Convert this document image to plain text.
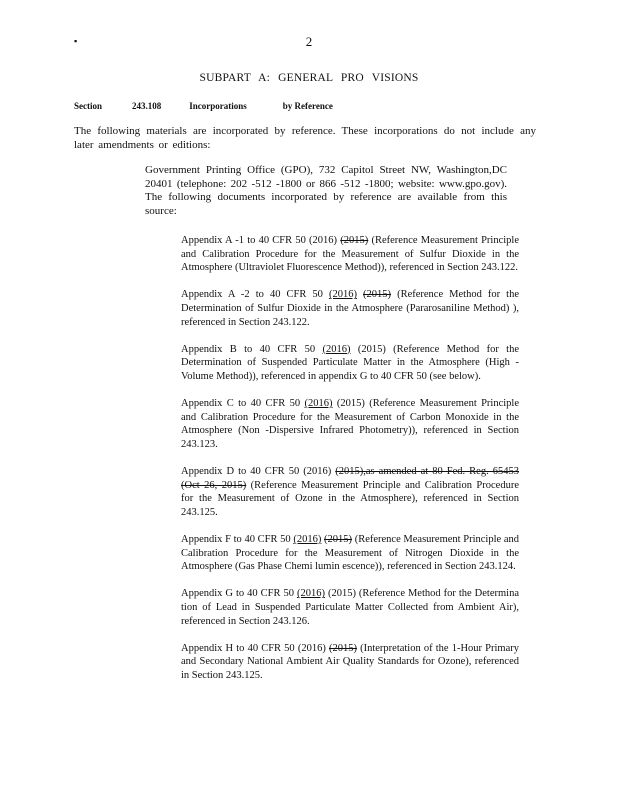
▪	2
SUBPART A: GENERAL PRO VISIONS
Section	243.108	Incorporations	by Reference
The following materials are incorporated by reference. These incorporations do not include any later amendments or editions:
Government Printing Office (GPO), 732 Capitol Street NW, Washington,DC 20401 (telephone: 202 -512 -1800 or 866 -512 -1800; website: www.gpo.gov). The following documents incorporated by reference are available from this source:

Appendix A -1 to 40 CFR 50 (2016) (2015) (Reference Measurement Principle and Calibration Procedure for the Measurement of Sulfur Dioxide in the Atmosphere (Ultraviolet Fluorescence Method)), referenced in Section 243.122.

Appendix A -2 to 40 CFR 50 (2016) (2015) (Reference Method for the Determination of Sulfur Dioxide in the Atmosphere (Pararosaniline Method) ), referenced in Section 243.122.

Appendix B to 40 CFR 50 (2016) (2015) (Reference Method for the Determination of Suspended Particulate Matter in the Atmosphere (High - Volume Method)), referenced in appendix G to 40 CFR 50 (see below).

Appendix C to 40 CFR 50 (2016) (2015) (Reference Measurement Principle and Calibration Procedure for the Measurement of Carbon Monoxide in the Atmosphere (Non -Dispersive Infrared Photometry)), referenced in Section 243.123.

Appendix D to 40 CFR 50 (2016) (2015),as amended at 80 Fed. Reg. 65453 (Oct 26, 2015) (Reference Measurement Principle and Calibration Procedure for the Measurement of Ozone in the Atmosphere), referenced in Section 243.125.

Appendix F to 40 CFR 50 (2016) (2015) (Reference Measurement Principle and Calibration Procedure for the Measurement of Nitrogen Dioxide in the Atmosphere (Gas Phase Chemi lumin escence)), referenced in Section 243.124.

Appendix G to 40 CFR 50 (2016) (2015) (Reference Method for the Determina tion of Lead in Suspended Particulate Matter Collected from Ambient Air), referenced in Section 243.126.

Appendix H to 40 CFR 50 (2016) (2015) (Interpretation of the 1-Hour Primary and Secondary National Ambient Air Quality Standards for Ozone), referenced in Section 243.125.
